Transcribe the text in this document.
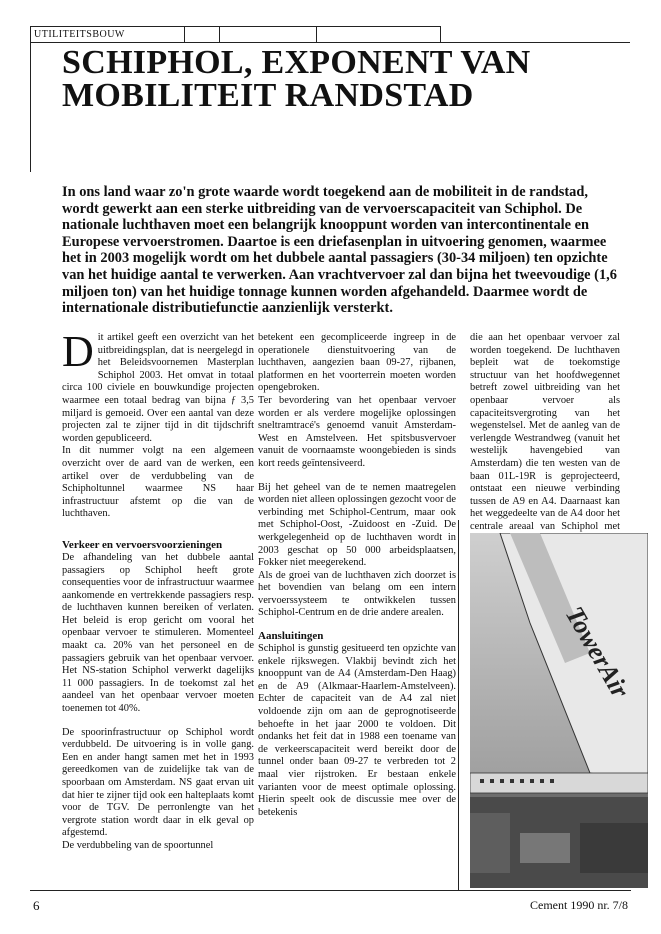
UTILITEITSBOUW
SCHIPHOL, EXPONENT VAN
MOBILITEIT RANDSTAD

In ons land waar zo'n grote waarde wordt toegekend aan de mobiliteit in de randstad, wordt gewerkt aan een sterke uitbreiding van de vervoerscapaciteit van Schiphol. De nationale luchthaven moet een belangrijk knooppunt worden van intercontinentale en Europese vervoerstromen. Daartoe is een driefasenplan in uitvoering genomen, waarmee het in 2003 mogelijk wordt om het dubbele aantal passagiers (30-34 miljoen) ten opzichte van het huidige aantal te verwerken. Aan vrachtvervoer zal dan bijna het tweevoudige (1,6 miljoen ton) van het huidige tonnage kunnen worden afgehandeld. Daarmee wordt de internationale distributiefunctie aanzienlijk versterkt.

Dit artikel geeft een overzicht van het uitbreidingsplan, dat is neergelegd in het Beleidsvoornemen Masterplan Schiphol 2003. Het omvat in totaal circa 100 civiele en bouwkundige projecten waarmee een totaal bedrag van bijna ƒ 3,5 miljard is gemoeid. Over een aantal van deze projecten zal te zijner tijd in dit tijdschrift worden gepubliceerd.

In dit nummer volgt na een algemeen overzicht over de aard van de werken, een artikel over de verdubbeling van de Schipholtunnel waarmee NS haar infrastructuur afstemt op die van de luchthaven.

Verkeer en vervoersvoorzieningen

De afhandeling van het dubbele aantal passagiers op Schiphol heeft grote consequenties voor de infrastructuur waarmee aankomende en vertrekkende passagiers resp. de luchthaven kunnen bereiken of verlaten. Het beleid is erop gericht om vooral het openbaar vervoer te stimuleren. Momenteel maakt ca. 20% van het personeel en de passagiers gebruik van het openbaar vervoer. Het NS-station Schiphol verwerkt dagelijks 11 000 passagiers. In de toekomst zal het aandeel van het openbaar vervoer moeten toenemen tot 40%.

De spoorinfrastructuur op Schiphol wordt verdubbeld. De uitvoering is in volle gang. Een en ander hangt samen met het in 1993 gereedkomen van de zuidelijke tak van de spoorbaan om Amsterdam. NS gaat ervan uit dat hier te zijner tijd ook een halteplaats komt voor de TGV. De perronlengte van het vergrote station wordt daar in elk geval op afgestemd.

De verdubbeling van de spoortunnel

betekent een gecompliceerde ingreep in de operationele dienstuitvoering van de luchthaven, aangezien baan 09-27, rijbanen, platformen en het voorterrein moeten worden opengebroken.

Ter bevordering van het openbaar vervoer worden er als verdere mogelijke oplossingen sneltramtracé's genoemd vanuit Amsterdam-West en Amstelveen. Het spitsbusvervoer vanuit de voornaamste woongebieden is sinds kort reeds geïntensiveerd.

Bij het geheel van de te nemen maatregelen worden niet alleen oplossingen gezocht voor de verbinding met Schiphol-Centrum, maar ook met Schiphol-Oost, -Zuidoost en -Zuid. De werkgelegenheid op de luchthaven wordt in 2003 geschat op 50 000 arbeidsplaatsen, Fokker niet meegerekend.

Als de groei van de luchthaven zich doorzet is het bovendien van belang om een intern vervoerssysteem te ontwikkelen tussen Schiphol-Centrum en de drie andere arealen.

Aansluitingen

Schiphol is gunstig gesitueerd ten opzichte van enkele rijkswegen. Vlakbij bevindt zich het knooppunt van de A4 (Amsterdam-Den Haag) en de A9 (Alkmaar-Haarlem-Amstelveen). Echter de capaciteit van de A4 zal niet voldoende zijn om aan de geprognotiseerde behoefte in het jaar 2000 te voldoen. Dit ondanks het feit dat in 1988 een toename van de verkeerscapaciteit werd bereikt door de tunnel onder baan 09-27 te verbreden tot 2 maal vier rijstroken. Er bestaan enkele varianten voor de meest optimale oplossing. Hierin speelt ook de discussie mee over de betekenis

die aan het openbaar vervoer zal worden toegekend. De luchthaven bepleit wat de toekomstige structuur van het hoofdwegennet betreft zowel uitbreiding van het openbaar vervoer als capaciteitsvergroting van het wegenstelsel. Met de aanleg van de verlengde Westrandweg (vanuit het westelijk havengebied van Amsterdam) die ten westen van de baan 01L-19R is geprojecteerd, ontstaat een nieuwe verbinding tussen de A9 en A4. Daarnaast kan het weggedeelte van de A4 door het centrale areaal van Schiphol met

TowerAir
6	Cement 1990 nr. 7/8
